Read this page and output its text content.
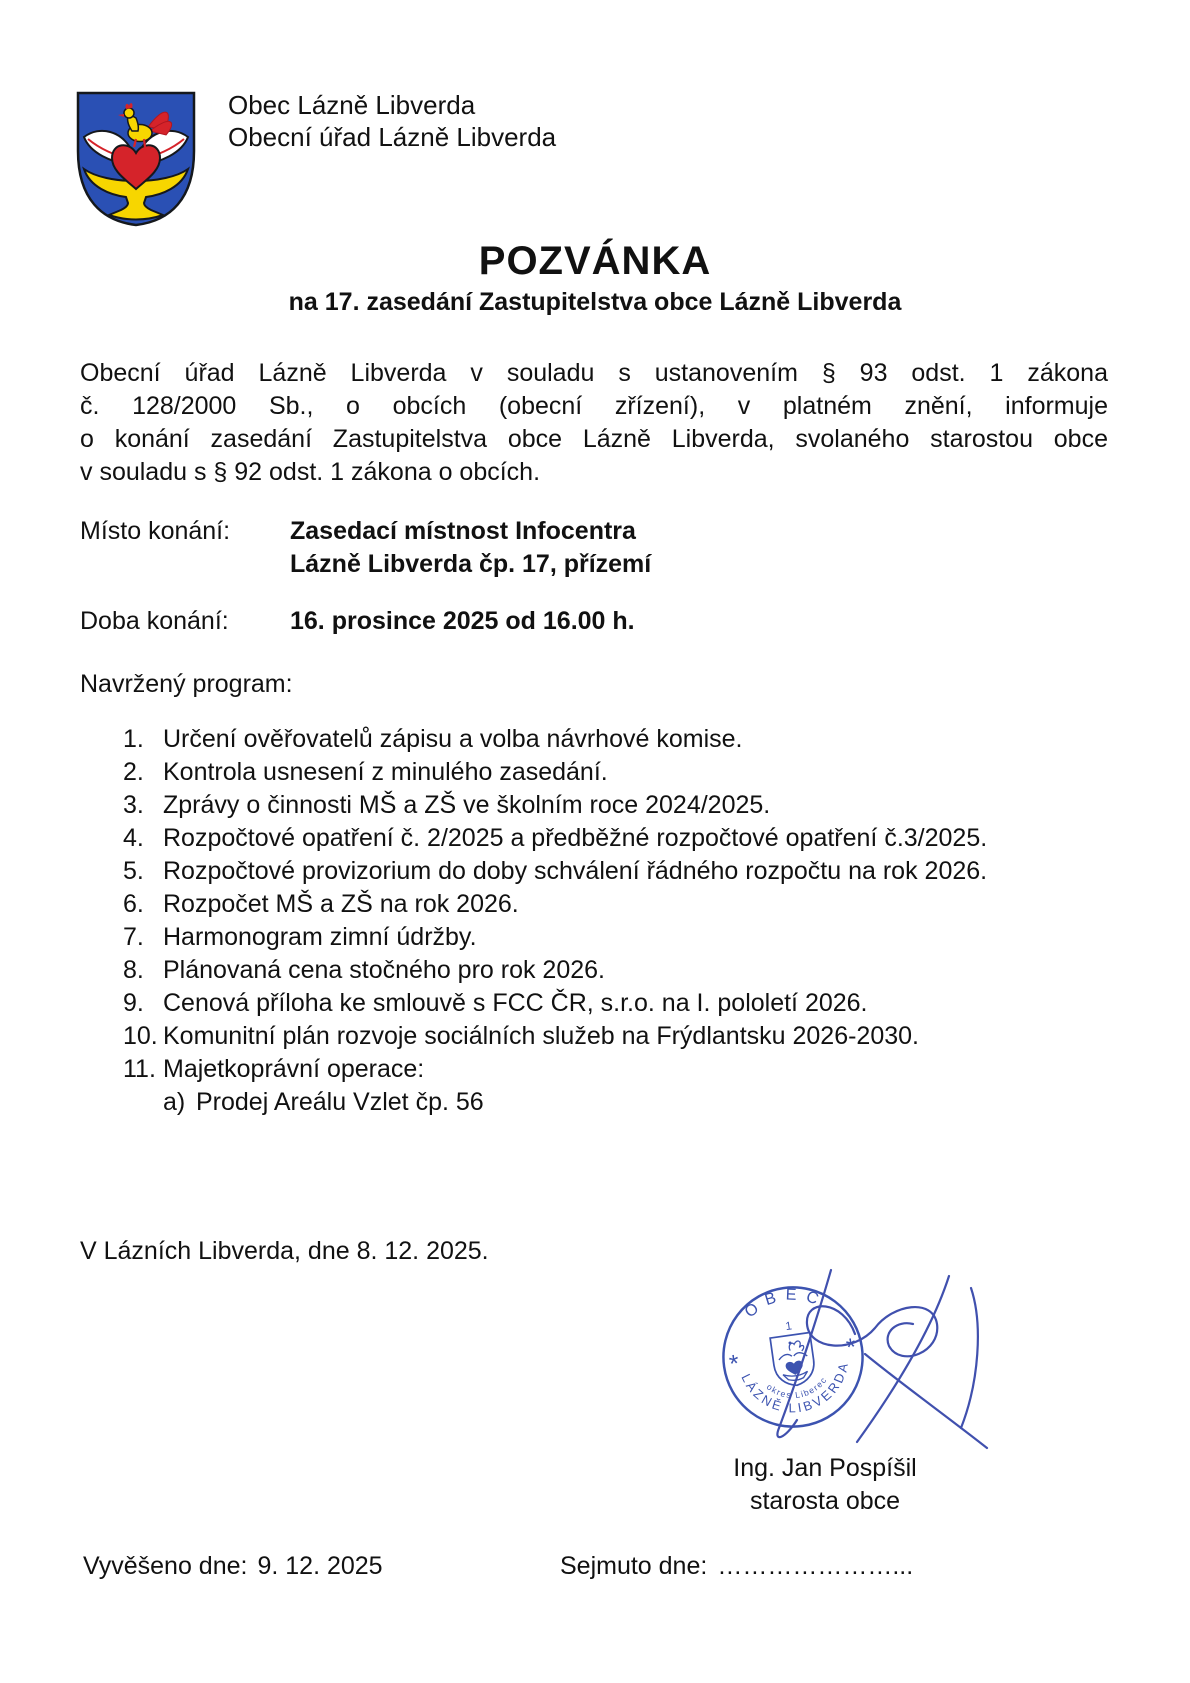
Obec Lázně Libverda
Obecní úřad Lázně Libverda
POZVÁNKA
na 17. zasedání Zastupitelstva obce Lázně Libverda
Obecní úřad Lázně Libverda v souladu s ustanovením § 93 odst. 1 zákona
č. 128/2000 Sb., o obcích (obecní zřízení), v platném znění, informuje
o konání zasedání Zastupitelstva obce Lázně Libverda, svolaného starostou obce
v souladu s § 92 odst. 1 zákona o obcích.
Místo konání:	Zasedací místnost Infocentra
Lázně Libverda čp. 17, přízemí
Doba konání:	16. prosince 2025 od 16.00 h.
Navržený program:
1. Určení ověřovatelů zápisu a volba návrhové komise.
2. Kontrola usnesení z minulého zasedání.
3. Zprávy o činnosti MŠ a ZŠ ve školním roce 2024/2025.
4. Rozpočtové opatření č. 2/2025 a předběžné rozpočtové opatření č.3/2025.
5. Rozpočtové provizorium do doby schválení řádného rozpočtu na rok 2026.
6. Rozpočet MŠ a ZŠ na rok 2026.
7. Harmonogram zimní údržby.
8. Plánovaná cena stočného pro rok 2026.
9. Cenová příloha ke smlouvě s FCC ČR, s.r.o. na I. pololetí 2026.
10. Komunitní plán rozvoje sociálních služeb na Frýdlantsku 2026-2030.
11. Majetkoprávní operace:
a) Prodej Areálu Vzlet čp. 56
V Lázních Libverda, dne 8. 12. 2025.
OBEC
1
*
*
LÁZNĚ LIBVERDA
okres Liberec
Ing. Jan Pospíšil
starosta obce
Vyvěšeno dne: 9. 12. 2025	Sejmuto dne: …………………...
